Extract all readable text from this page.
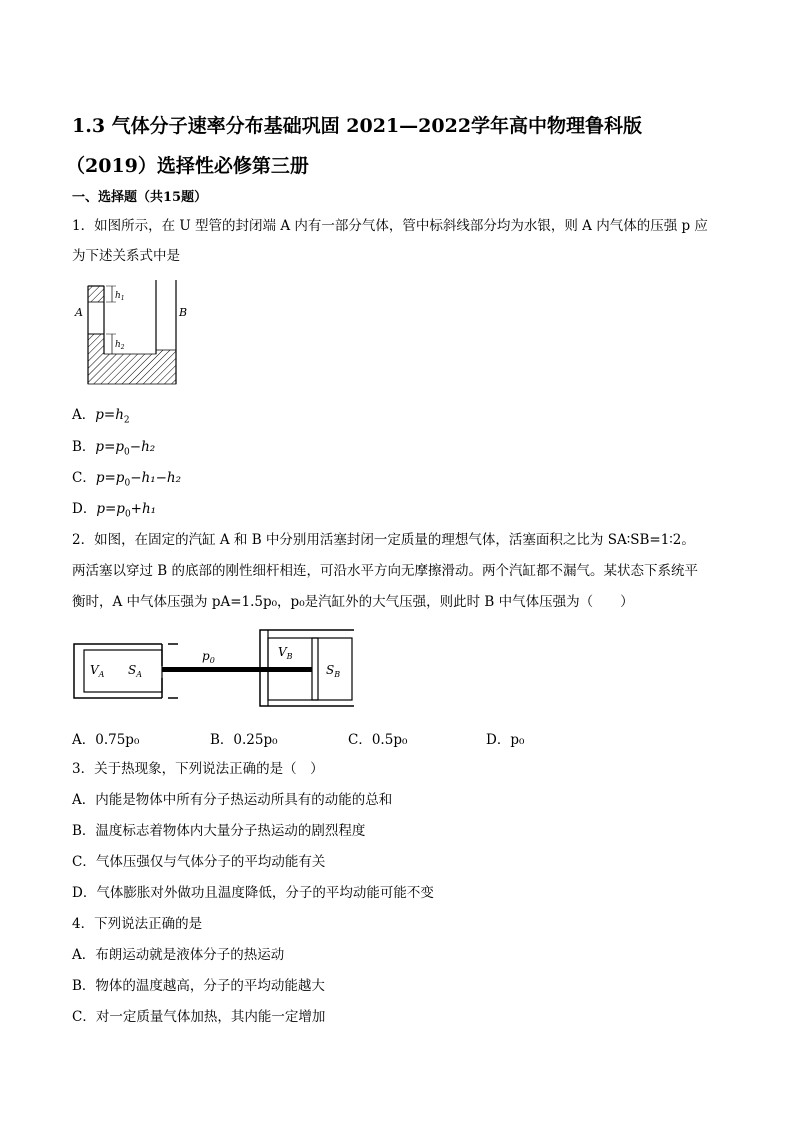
1.3 气体分子速率分布基础巩固 2021—2022学年高中物理鲁科版
（2019）选择性必修第三册
一、选择题（共15题）
1．如图所示，在 U 型管的封闭端 A 内有一部分气体，管中标斜线部分均为水银，则 A 内气体的压强 p 应
为下述关系式中是
$h_1$
$h_2$
A	B
A．$p=h_2$
B．$p=p_0-h_2$
C．$p=p_0-h_1-h_2$
D．$p=p_0+h_1$
2．如图，在固定的汽缸 A 和 B 中分别用活塞封闭一定质量的理想气体，活塞面积之比为 SA∶SB=1∶2。
两活塞以穿过 B 的底部的刚性细杆相连，可沿水平方向无摩擦滑动。两个汽缸都不漏气。某状态下系统平
衡时，A 中气体压强为 pA=1.5p₀，p₀是汽缸外的大气压强，则此时 B 中气体压强为（　　）
$V_A$ $S_A$
$p_0$
$V_B$
$S_B$
A．0.75p₀	B．0.25p₀	C．0.5p₀	D．p₀
3．关于热现象，下列说法正确的是（　）
A．内能是物体中所有分子热运动所具有的动能的总和
B．温度标志着物体内大量分子热运动的剧烈程度
C．气体压强仅与气体分子的平均动能有关
D．气体膨胀对外做功且温度降低，分子的平均动能可能不变
4．下列说法正确的是
A．布朗运动就是液体分子的热运动
B．物体的温度越高，分子的平均动能越大
C．对一定质量气体加热，其内能一定增加
